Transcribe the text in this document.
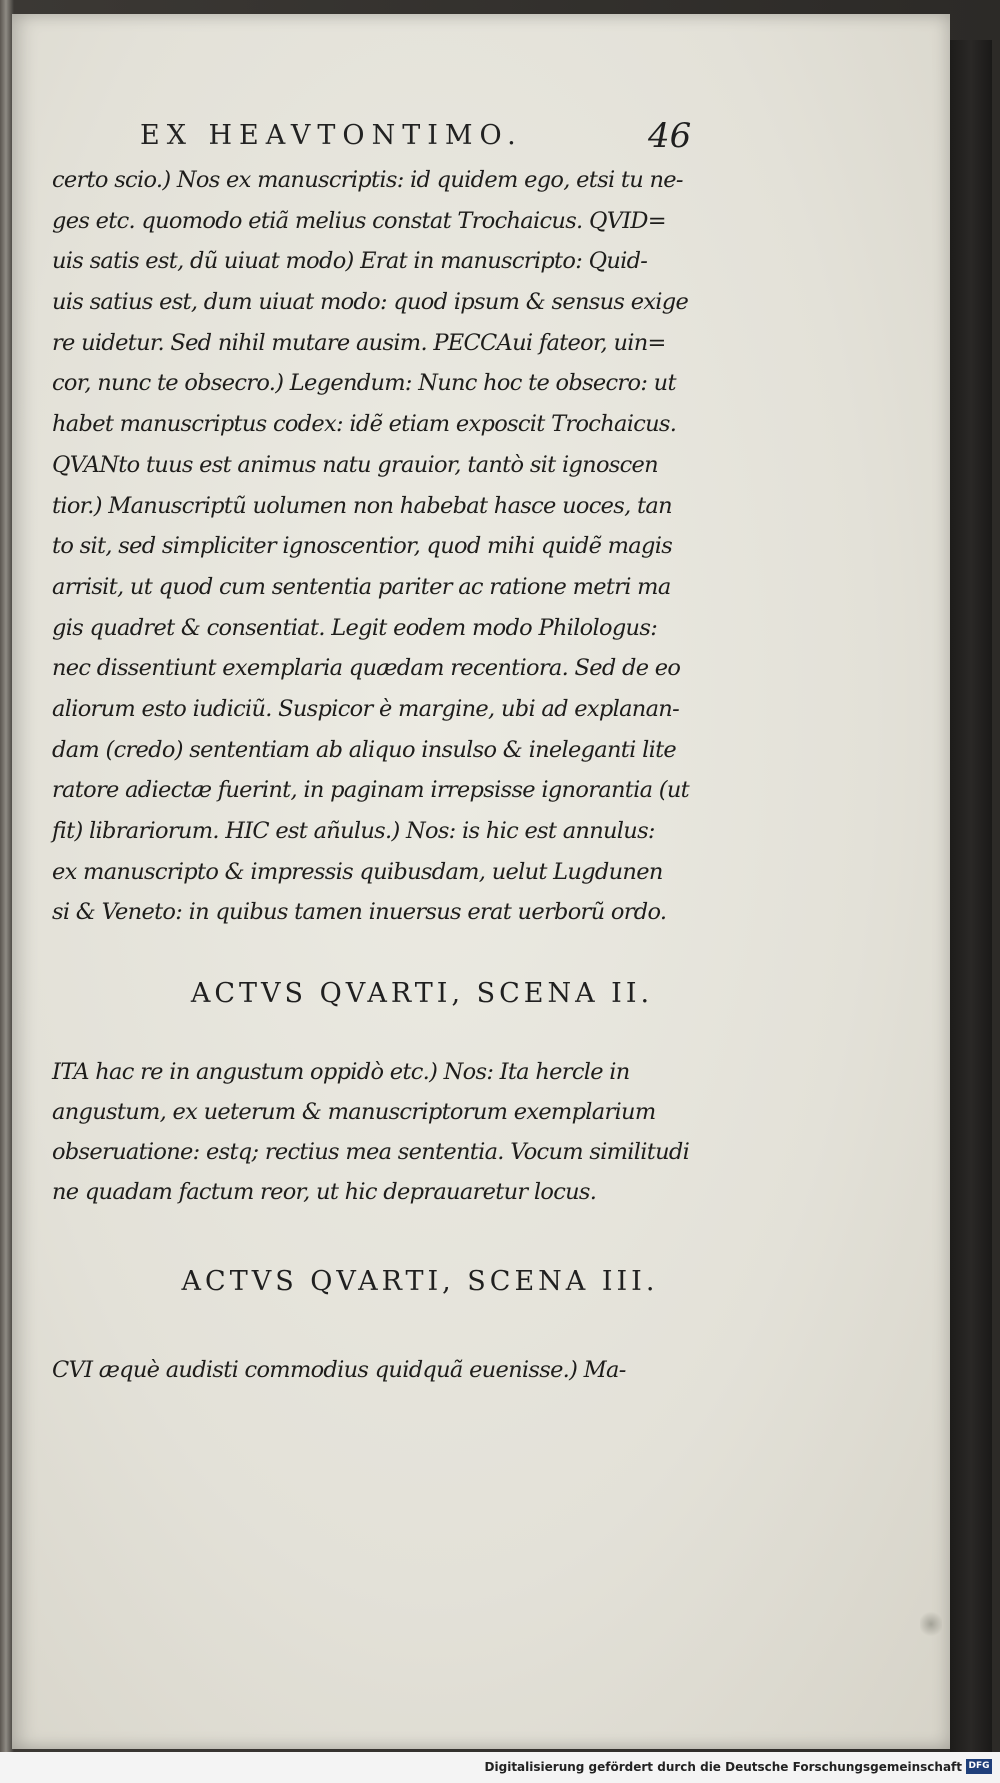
EX HEAVTONTIMO.	46
certo scio.) Nos ex manuscriptis: id quidem ego, etsi tu ne-
ges etc. quomodo etiã melius constat Trochaicus. QVID=
uis satis est, dũ uiuat modo) Erat in manuscripto: Quid-
uis satius est, dum uiuat modo: quod ipsum & sensus exige
re uidetur. Sed nihil mutare ausim. PECCAui fateor, uin=
cor, nunc te obsecro.) Legendum: Nunc hoc te obsecro: ut
habet manuscriptus codex: idẽ etiam exposcit Trochaicus.
QVANto tuus est animus natu grauior, tantò sit ignoscen
tior.) Manuscriptũ uolumen non habebat hasce uoces, tan
to sit, sed simpliciter ignoscentior, quod mihi quidẽ magis
arrisit, ut quod cum sententia pariter ac ratione metri ma
gis quadret & consentiat. Legit eodem modo Philologus:
nec dissentiunt exemplaria quædam recentiora. Sed de eo
aliorum esto iudiciũ. Suspicor è margine, ubi ad explanan-
dam (credo) sententiam ab aliquo insulso & ineleganti lite
ratore adiectæ fuerint, in paginam irrepsisse ignorantia (ut
fit) librariorum. HIC est añulus.) Nos: is hic est annulus:
ex manuscripto & impressis quibusdam, uelut Lugdunen
si & Veneto: in quibus tamen inuersus erat uerborũ ordo.
ACTVS QVARTI, SCENA II.
ITA hac re in angustum oppidò etc.) Nos: Ita hercle in
angustum, ex ueterum & manuscriptorum exemplarium
obseruatione: estq; rectius mea sententia. Vocum similitudi
ne quadam factum reor, ut hic deprauaretur locus.
ACTVS QVARTI, SCENA III.
CVI æquè audisti commodius quidquã euenisse.) Ma-
Digitalisierung gefördert durch die Deutsche Forschungsgemeinschaft DFG
